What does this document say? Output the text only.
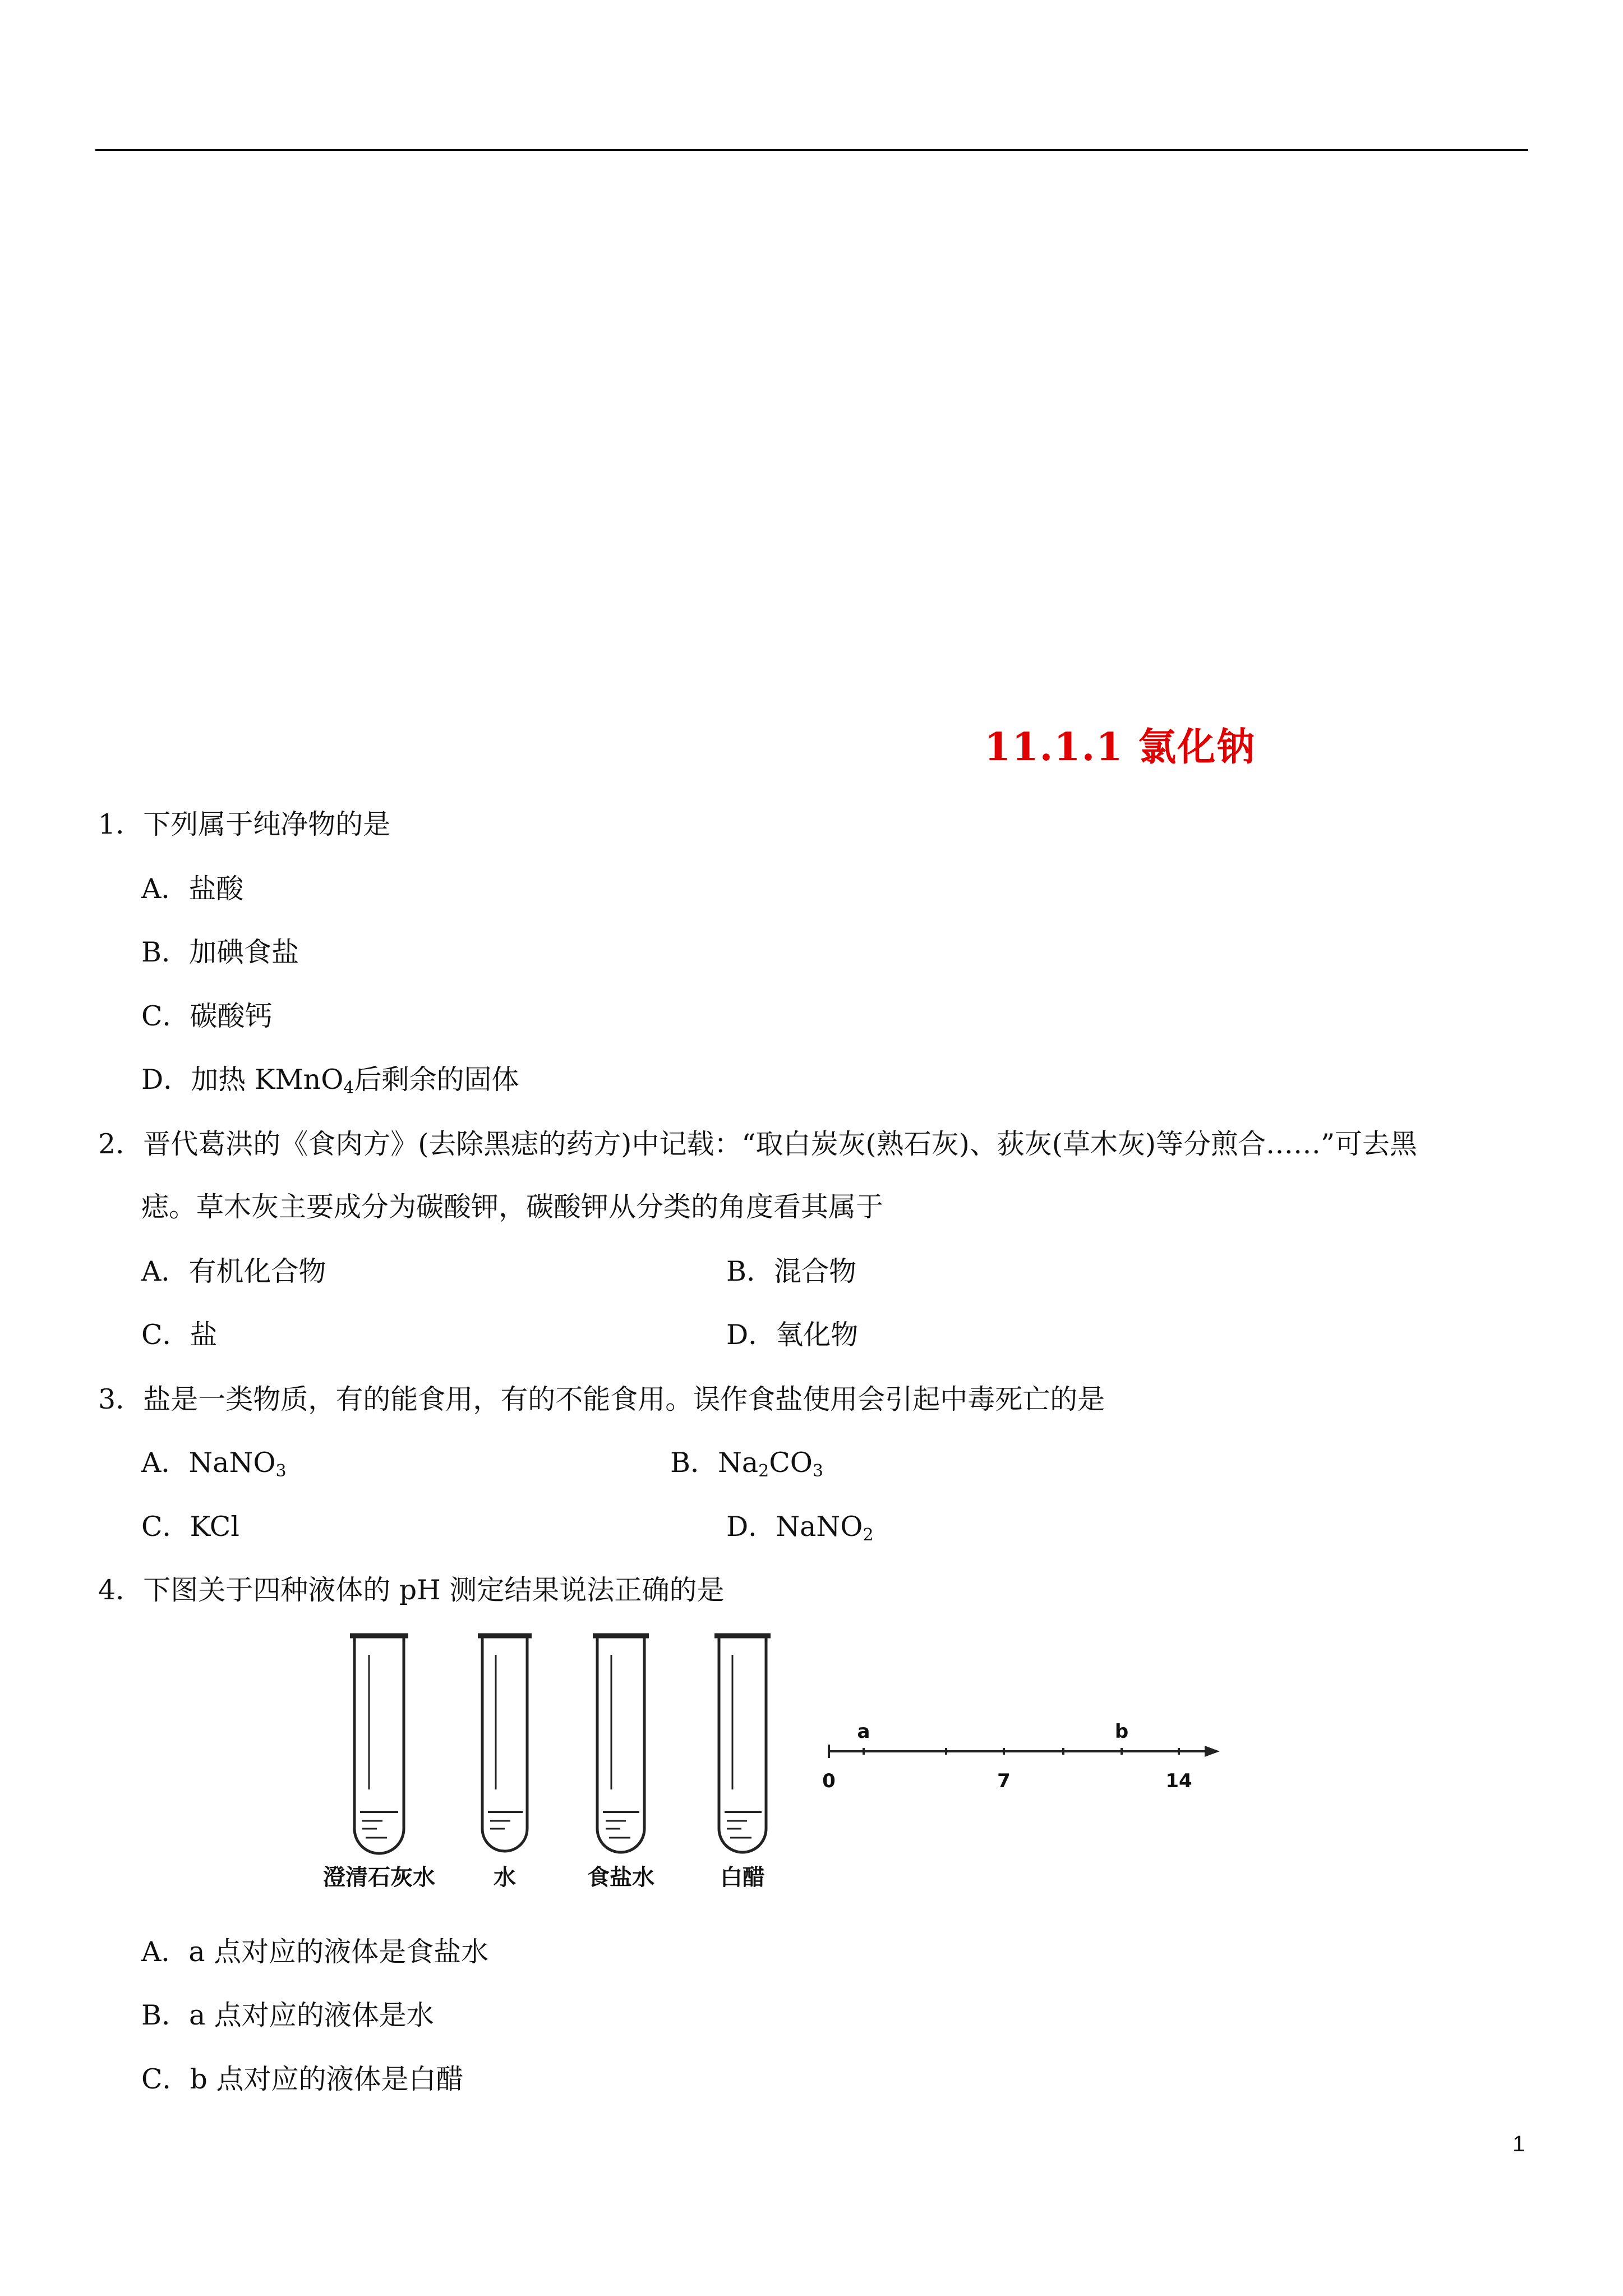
11.1.1 氯化钠
1．下列属于纯净物的是
A．盐酸
B．加碘食盐
C．碳酸钙
D．加热 KMnO$_4$后剩余的固体
2．晋代葛洪的《食肉方》(去除黑痣的药方)中记载：“取白炭灰(熟石灰)、荻灰(草木灰)等分煎合……”可去黑
痣。草木灰主要成分为碳酸钾，碳酸钾从分类的角度看其属于
A．有机化合物	B．混合物
C．盐	D．氧化物
3．盐是一类物质，有的能食用，有的不能食用。误作食盐使用会引起中毒死亡的是
A．NaNO$_3$	B．$Na_2CO_3$
C．KCl	D．NaNO$_2$
4．下图关于四种液体的 pH 测定结果说法正确的是
澄清石灰水	水	食盐水	白醋
a	b
0	7	14
A．a 点对应的液体是食盐水
B．a 点对应的液体是水
C．b 点对应的液体是白醋
1
